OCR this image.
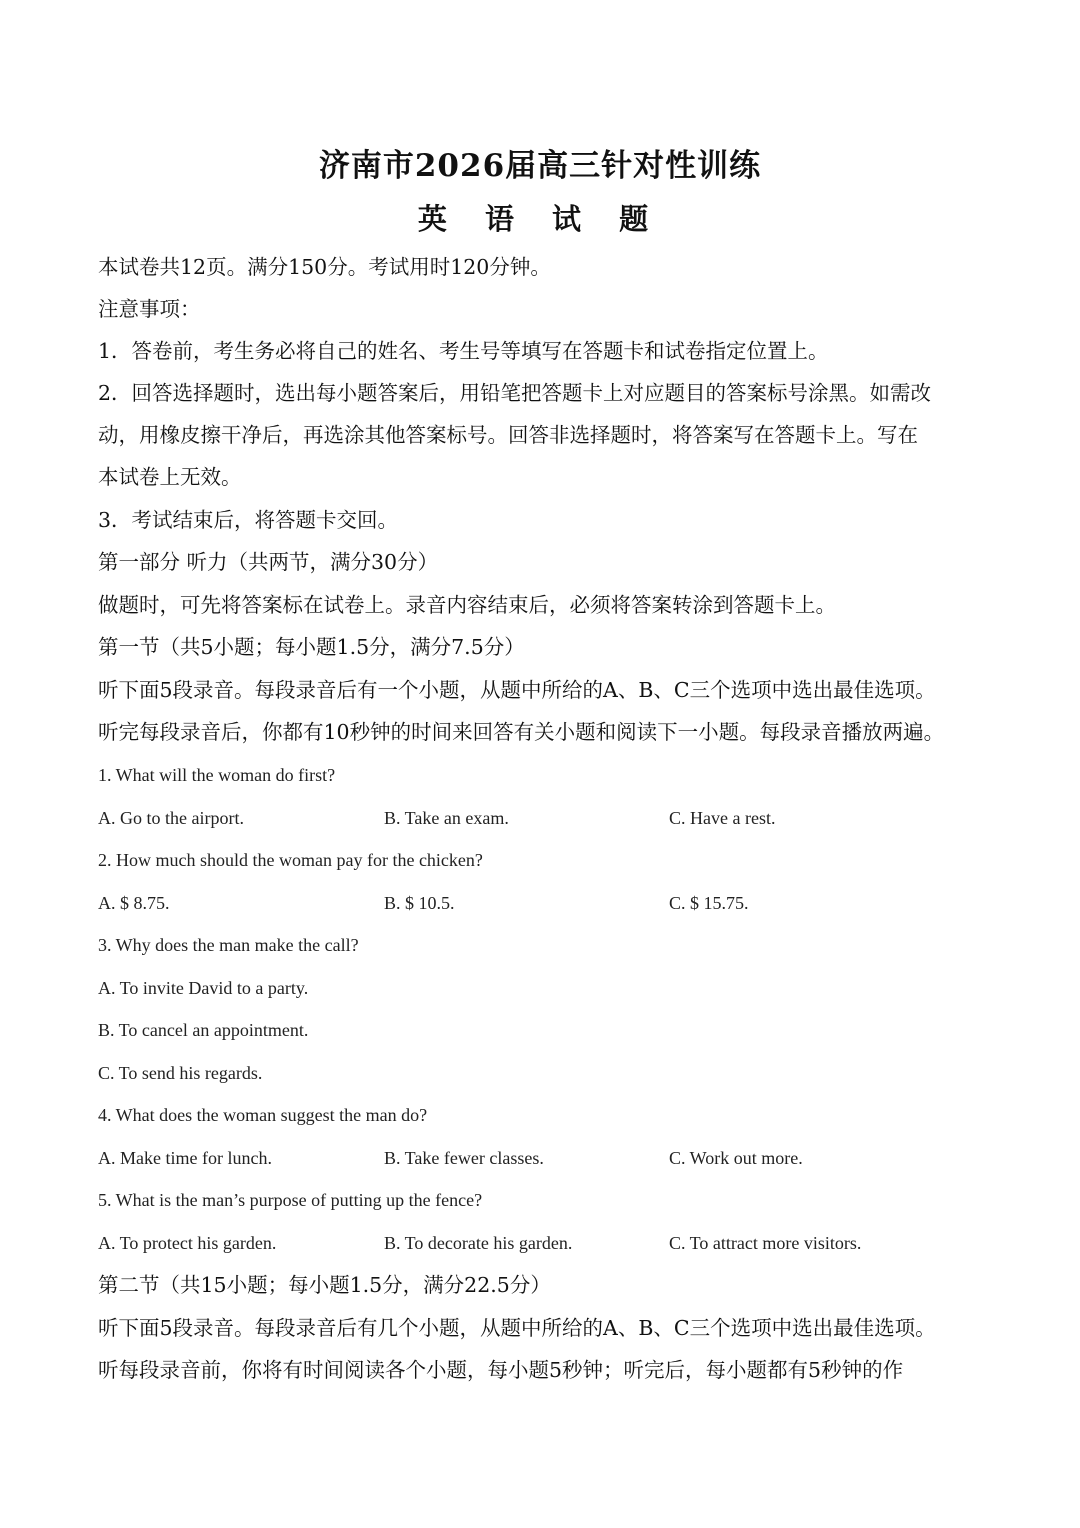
济南市2026届高三针对性训练
英 语 试 题
本试卷共12页。满分150分。考试用时120分钟。
注意事项：
1．答卷前，考生务必将自己的姓名、考生号等填写在答题卡和试卷指定位置上。
2．回答选择题时，选出每小题答案后，用铅笔把答题卡上对应题目的答案标号涂黑。如需改
动，用橡皮擦干净后，再选涂其他答案标号。回答非选择题时，将答案写在答题卡上。写在
本试卷上无效。
3．考试结束后，将答题卡交回。
第一部分 听力（共两节，满分30分）
做题时，可先将答案标在试卷上。录音内容结束后，必须将答案转涂到答题卡上。
第一节（共5小题；每小题1.5分，满分7.5分）
听下面5段录音。每段录音后有一个小题，从题中所给的A、B、C三个选项中选出最佳选项。
听完每段录音后，你都有10秒钟的时间来回答有关小题和阅读下一小题。每段录音播放两遍。
1. What will the woman do first?
A. Go to the airport.	B. Take an exam.	C. Have a rest.
2. How much should the woman pay for the chicken?
A. $ 8.75.	B. $ 10.5.	C. $ 15.75.
3. Why does the man make the call?
A. To invite David to a party.
B. To cancel an appointment.
C. To send his regards.
4. What does the woman suggest the man do?
A. Make time for lunch.	B. Take fewer classes.	C. Work out more.
5. What is the man’s purpose of putting up the fence?
A. To protect his garden.	B. To decorate his garden.	C. To attract more visitors.
第二节（共15小题；每小题1.5分，满分22.5分）
听下面5段录音。每段录音后有几个小题，从题中所给的A、B、C三个选项中选出最佳选项。
听每段录音前，你将有时间阅读各个小题，每小题5秒钟；听完后，每小题都有5秒钟的作
